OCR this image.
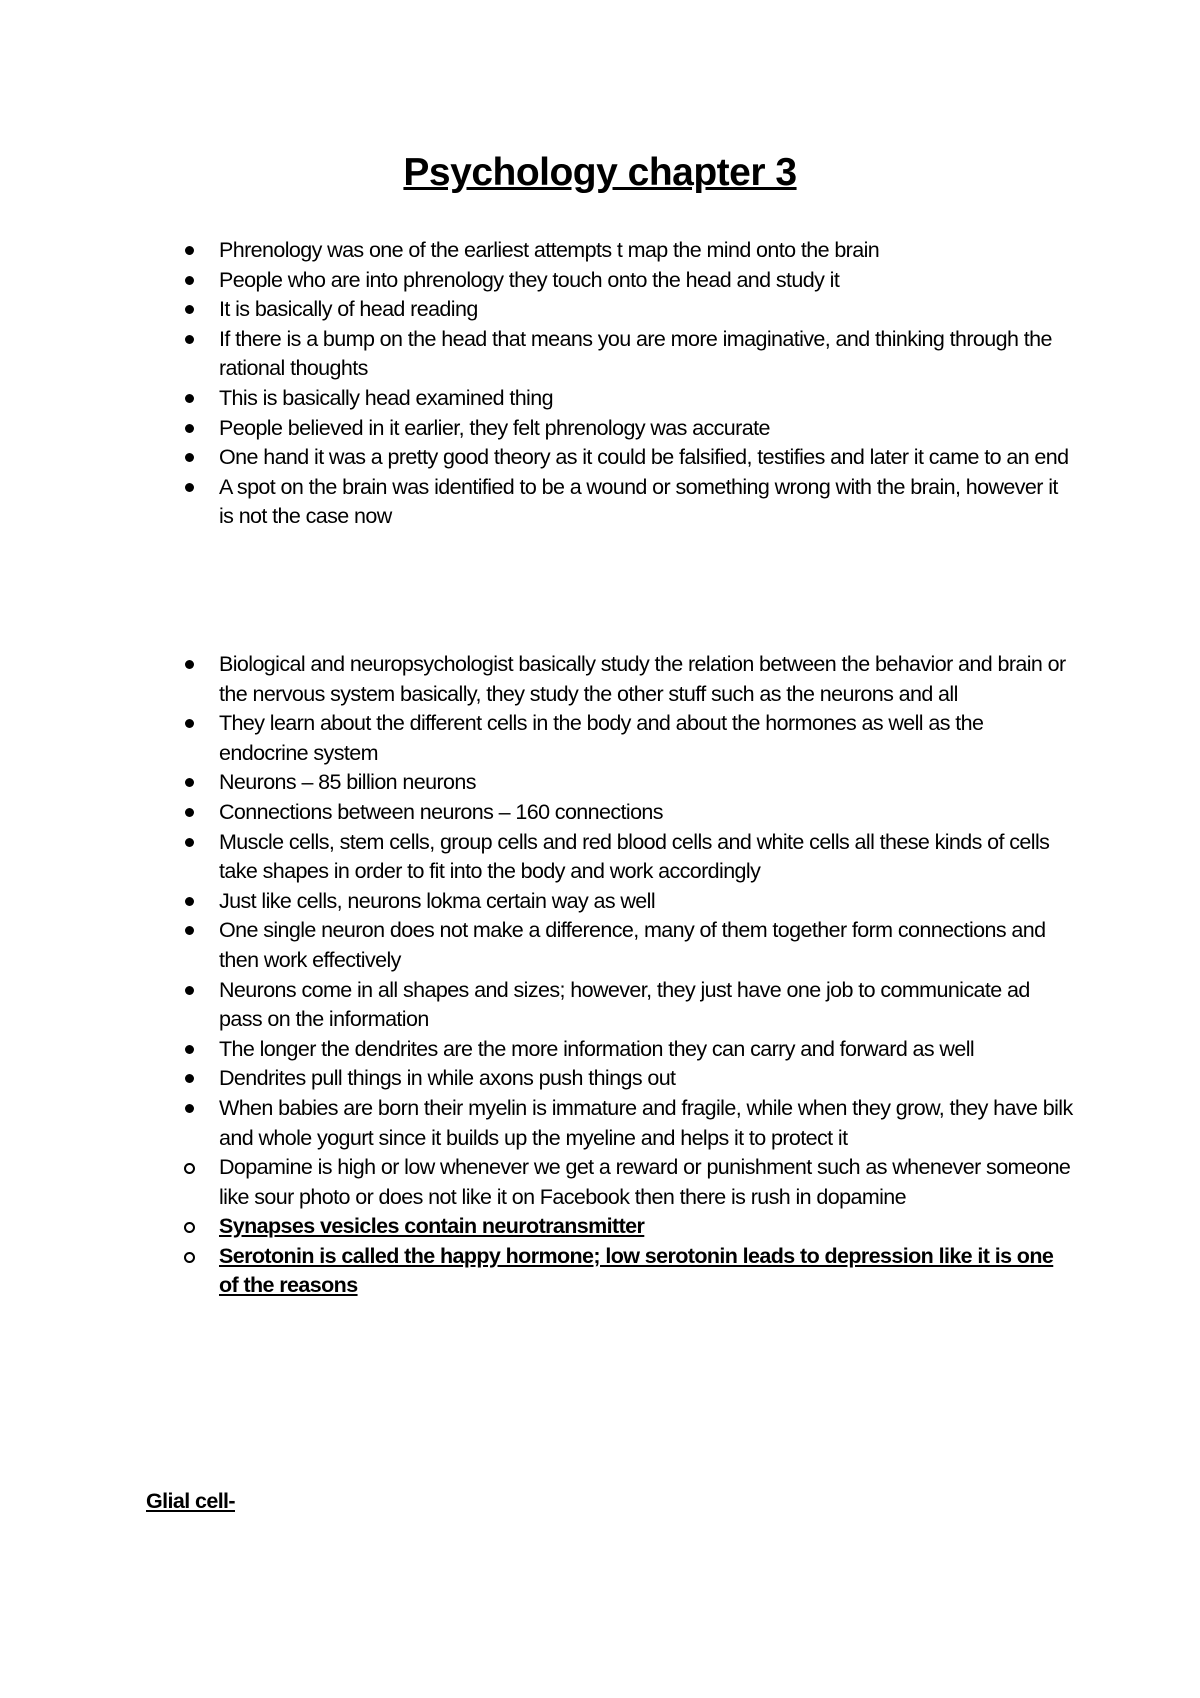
Psychology chapter 3
Phrenology was one of the earliest attempts t map the mind onto the brain
People who are into phrenology they touch onto the head and study it
It is basically of head reading
If there is a bump on the head that means you are more imaginative, and thinking through the rational thoughts
This is basically head examined thing
People believed in it earlier, they felt phrenology was accurate
One hand it was a pretty good theory as it could be falsified, testifies and later it came to an end
A spot on the brain was identified to be a wound or something wrong with the brain, however it is not the case now
Biological and neuropsychologist basically study the relation between the behavior and brain or the nervous system basically, they study the other stuff such as the neurons and all
They learn about the different cells in the body and about the hormones as well as the endocrine system
Neurons – 85 billion neurons
Connections between neurons – 160 connections
Muscle cells, stem cells, group cells and red blood cells and white cells all these kinds of cells take shapes in order to fit into the body and work accordingly
Just like cells, neurons lokma certain way as well
One single neuron does not make a difference, many of them together form connections and then work effectively
Neurons come in all shapes and sizes; however, they just have one job to communicate ad pass on the information
The longer the dendrites are the more information they can carry and forward as well
Dendrites pull things in while axons push things out
When babies are born their myelin is immature and fragile, while when they grow, they have bilk and whole yogurt since it builds up the myeline and helps it to protect it
Dopamine is high or low whenever we get a reward or punishment such as whenever someone like sour photo or does not like it on Facebook then there is rush in dopamine
Synapses vesicles contain neurotransmitter
Serotonin is called the happy hormone; low serotonin leads to depression like it is one of the reasons

Glial cell-
